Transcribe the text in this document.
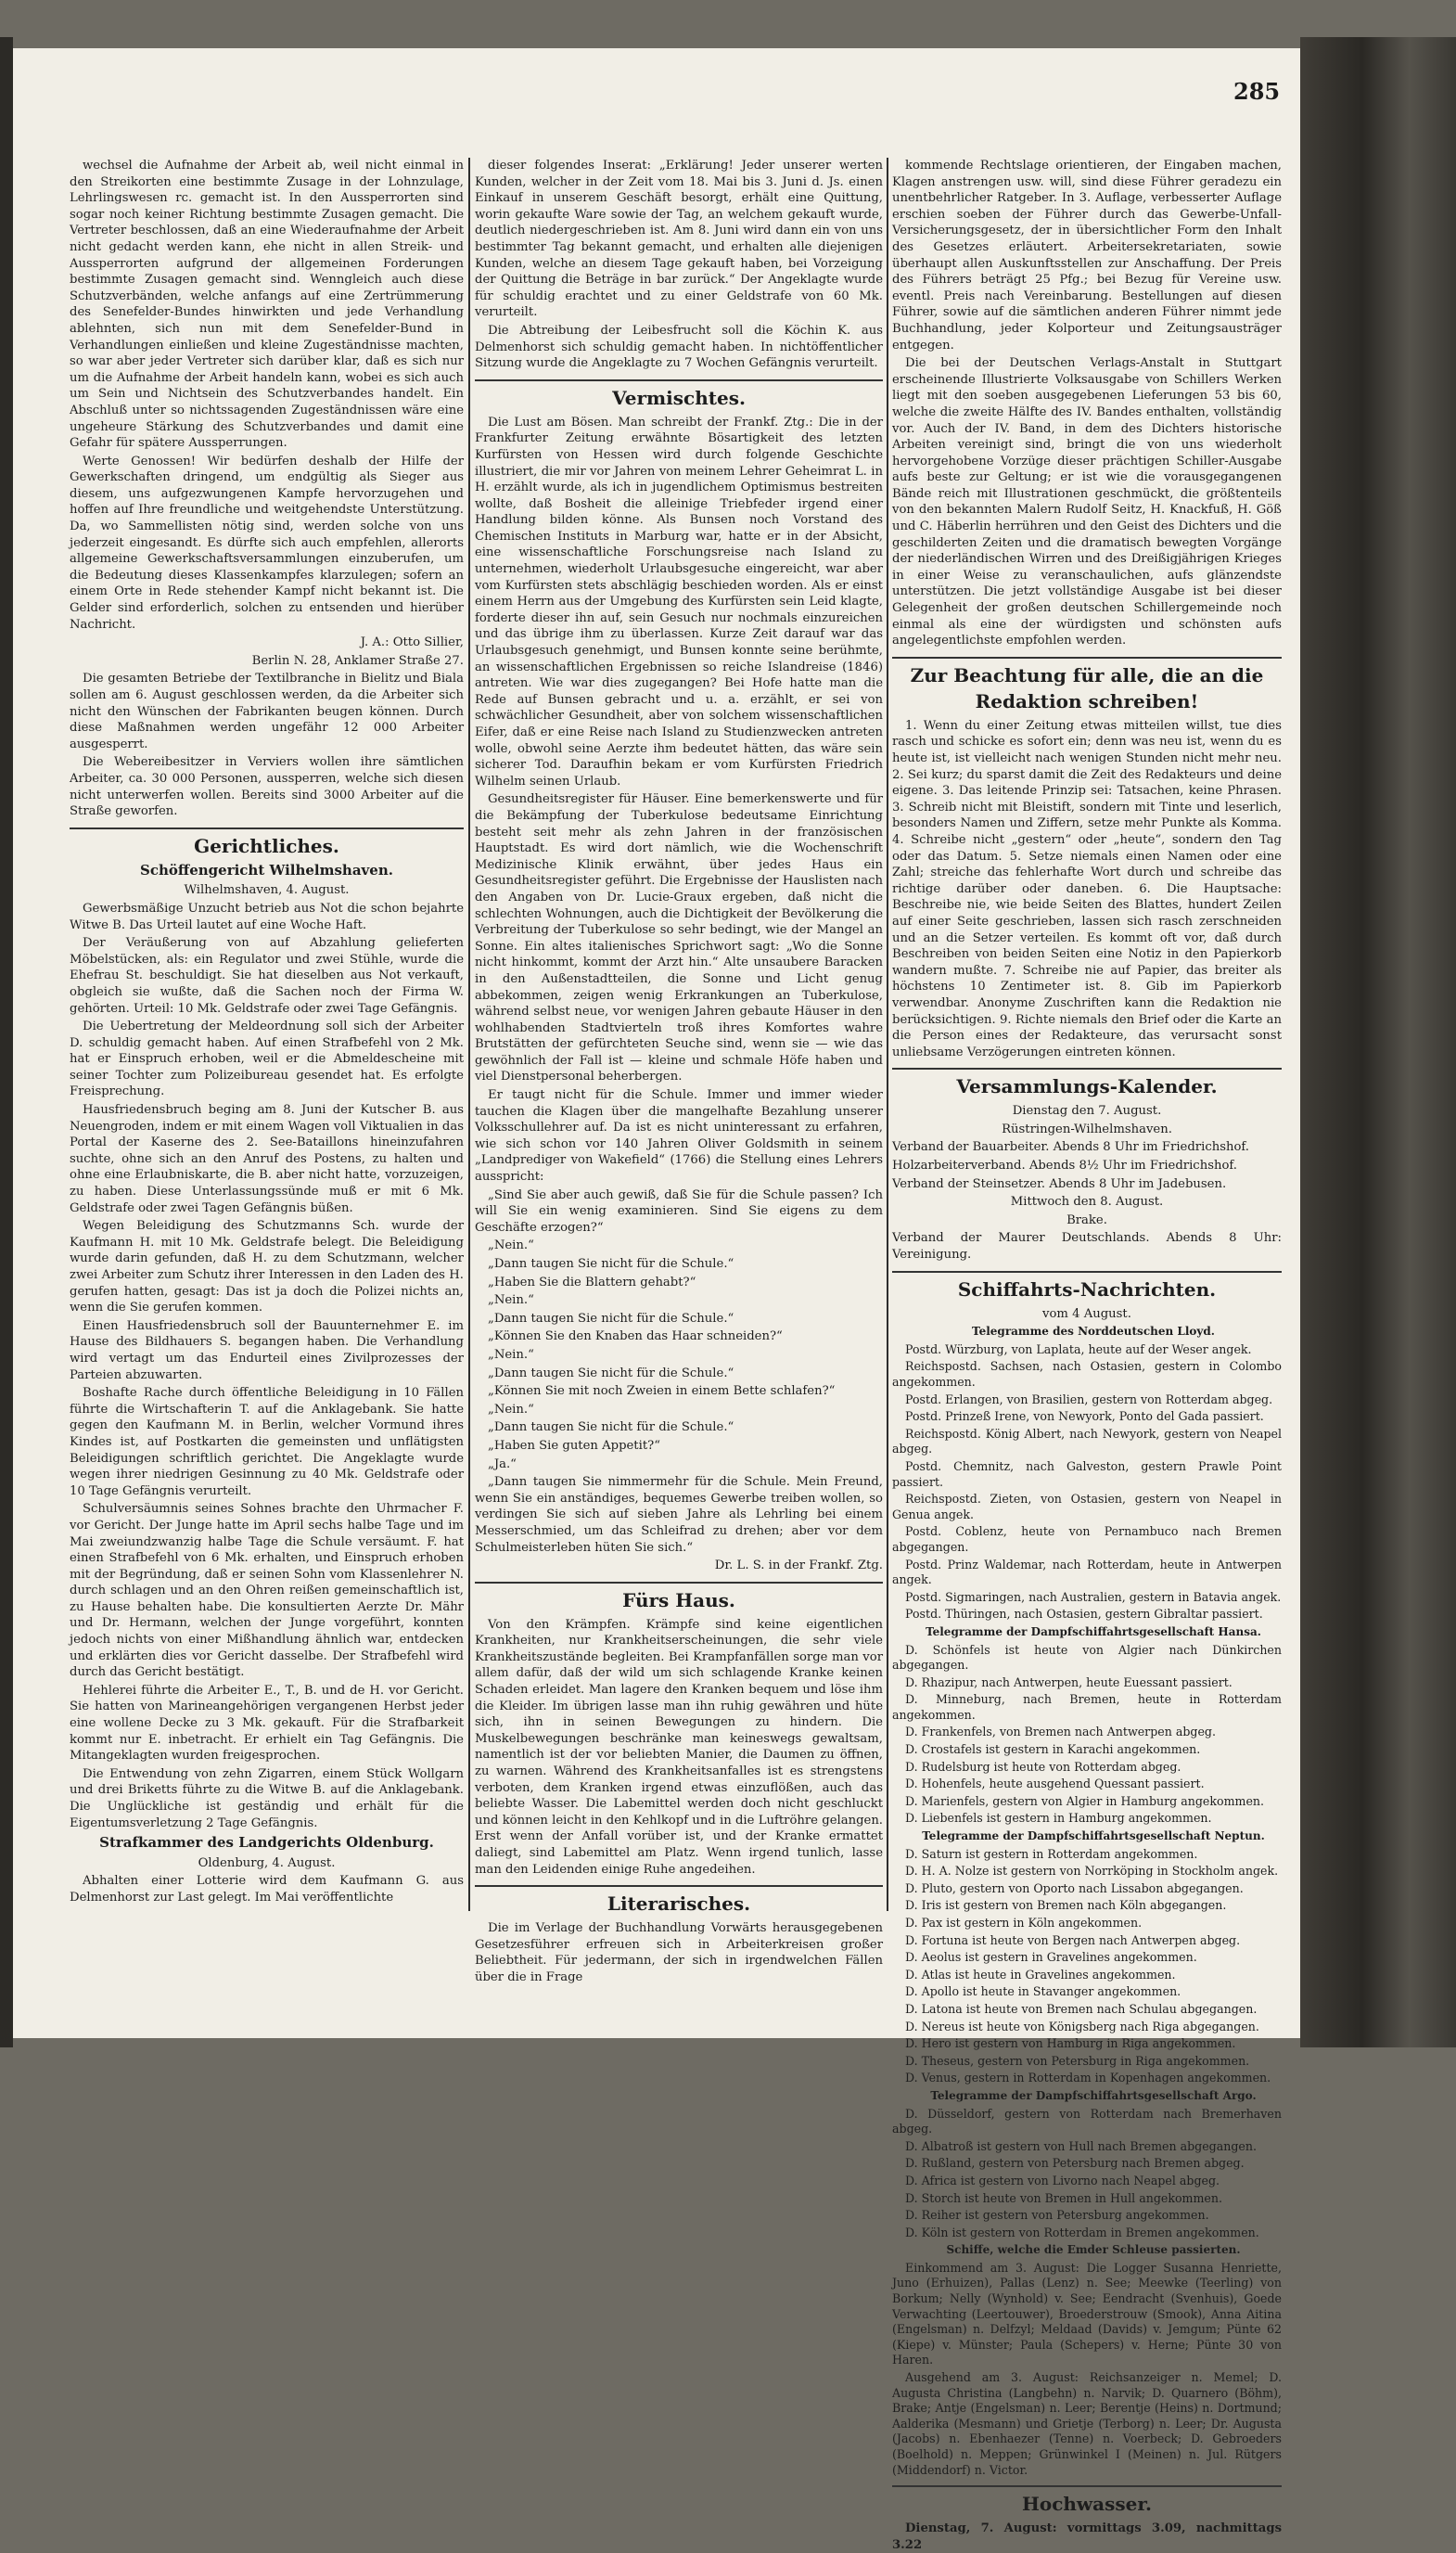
285

wechsel die Aufnahme der Arbeit ab, weil nicht einmal in den Streikorten eine bestimmte Zusage in der Lohnzulage, Lehrlingswesen rc. gemacht ist. In den Aussperrorten sind sogar noch keiner Richtung bestimmte Zusagen gemacht. Die Vertreter beschlossen, daß an eine Wiederaufnahme der Arbeit nicht gedacht werden kann, ehe nicht in allen Streik- und Aussperrorten aufgrund der allgemeinen Forderungen bestimmte Zusagen gemacht sind. Wenngleich auch diese Schutzverbänden, welche anfangs auf eine Zertrümmerung des Senefelder-Bundes hinwirkten und jede Verhandlung ablehnten, sich nun mit dem Senefelder-Bund in Verhandlungen einließen und kleine Zugeständnisse machten, so war aber jeder Vertreter sich darüber klar, daß es sich nur um die Aufnahme der Arbeit handeln kann, wobei es sich auch um Sein und Nichtsein des Schutzverbandes handelt. Ein Abschluß unter so nichtssagenden Zugeständnissen wäre eine ungeheure Stärkung des Schutzverbandes und damit eine Gefahr für spätere Aussperrungen.

Werte Genossen! Wir bedürfen deshalb der Hilfe der Gewerkschaften dringend, um endgültig als Sieger aus diesem, uns aufgezwungenen Kampfe hervorzugehen und hoffen auf Ihre freundliche und weitgehendste Unterstützung. Da, wo Sammellisten nötig sind, werden solche von uns jederzeit eingesandt. Es dürfte sich auch empfehlen, allerorts allgemeine Gewerkschaftsversammlungen einzuberufen, um die Bedeutung dieses Klassenkampfes klarzulegen; sofern an einem Orte in Rede stehender Kampf nicht bekannt ist. Die Gelder sind erforderlich, solchen zu entsenden und hierüber Nachricht.

J. A.: Otto Sillier,

Berlin N. 28, Anklamer Straße 27.

Die gesamten Betriebe der Textilbranche in Bielitz und Biala sollen am 6. August geschlossen werden, da die Arbeiter sich nicht den Wünschen der Fabrikanten beugen können. Durch diese Maßnahmen werden ungefähr 12 000 Arbeiter ausgesperrt.

Die Webereibesitzer in Verviers wollen ihre sämtlichen Arbeiter, ca. 30 000 Personen, aussperren, welche sich diesen nicht unterwerfen wollen. Bereits sind 3000 Arbeiter auf die Straße geworfen.

Gerichtliches.
Schöffengericht Wilhelmshaven.

Wilhelmshaven, 4. August.

Gewerbsmäßige Unzucht betrieb aus Not die schon bejahrte Witwe B. Das Urteil lautet auf eine Woche Haft.

Der Veräußerung von auf Abzahlung gelieferten Möbelstücken, als: ein Regulator und zwei Stühle, wurde die Ehefrau St. beschuldigt. Sie hat dieselben aus Not verkauft, obgleich sie wußte, daß die Sachen noch der Firma W. gehörten. Urteil: 10 Mk. Geldstrafe oder zwei Tage Gefängnis.

Die Uebertretung der Meldeordnung soll sich der Arbeiter D. schuldig gemacht haben. Auf einen Strafbefehl von 2 Mk. hat er Einspruch erhoben, weil er die Abmeldescheine mit seiner Tochter zum Polizeibureau gesendet hat. Es erfolgte Freisprechung.

Hausfriedensbruch beging am 8. Juni der Kutscher B. aus Neuengroden, indem er mit einem Wagen voll Viktualien in das Portal der Kaserne des 2. See-Bataillons hineinzufahren suchte, ohne sich an den Anruf des Postens, zu halten und ohne eine Erlaubniskarte, die B. aber nicht hatte, vorzuzeigen, zu haben. Diese Unterlassungssünde muß er mit 6 Mk. Geldstrafe oder zwei Tagen Gefängnis büßen.

Wegen Beleidigung des Schutzmanns Sch. wurde der Kaufmann H. mit 10 Mk. Geldstrafe belegt. Die Beleidigung wurde darin gefunden, daß H. zu dem Schutzmann, welcher zwei Arbeiter zum Schutz ihrer Interessen in den Laden des H. gerufen hatten, gesagt: Das ist ja doch die Polizei nichts an, wenn die Sie gerufen kommen.

Einen Hausfriedensbruch soll der Bauunternehmer E. im Hause des Bildhauers S. begangen haben. Die Verhandlung wird vertagt um das Endurteil eines Zivilprozesses der Parteien abzuwarten.

Boshafte Rache durch öffentliche Beleidigung in 10 Fällen führte die Wirtschafterin T. auf die Anklagebank. Sie hatte gegen den Kaufmann M. in Berlin, welcher Vormund ihres Kindes ist, auf Postkarten die gemeinsten und unflätigsten Beleidigungen schriftlich gerichtet. Die Angeklagte wurde wegen ihrer niedrigen Gesinnung zu 40 Mk. Geldstrafe oder 10 Tage Gefängnis verurteilt.

Schulversäumnis seines Sohnes brachte den Uhrmacher F. vor Gericht. Der Junge hatte im April sechs halbe Tage und im Mai zweiundzwanzig halbe Tage die Schule versäumt. F. hat einen Strafbefehl von 6 Mk. erhalten, und Einspruch erhoben mit der Begründung, daß er seinen Sohn vom Klassenlehrer N. durch schlagen und an den Ohren reißen gemeinschaftlich ist, zu Hause behalten habe. Die konsultierten Aerzte Dr. Mähr und Dr. Hermann, welchen der Junge vorgeführt, konnten jedoch nichts von einer Mißhandlung ähnlich war, entdecken und erklärten dies vor Gericht dasselbe. Der Strafbefehl wird durch das Gericht bestätigt.

Hehlerei führte die Arbeiter E., T., B. und de H. vor Gericht. Sie hatten von Marineangehörigen vergangenen Herbst jeder eine wollene Decke zu 3 Mk. gekauft. Für die Strafbarkeit kommt nur E. inbetracht. Er erhielt ein Tag Gefängnis. Die Mitangeklagten wurden freigesprochen.

Die Entwendung von zehn Zigarren, einem Stück Wollgarn und drei Briketts führte zu die Witwe B. auf die Anklagebank. Die Unglückliche ist geständig und erhält für die Eigentumsverletzung 2 Tage Gefängnis.

Strafkammer des Landgerichts Oldenburg.

Oldenburg, 4. August.

Abhalten einer Lotterie wird dem Kaufmann G. aus Delmenhorst zur Last gelegt. Im Mai veröffentlichte

dieser folgendes Inserat: „Erklärung! Jeder unserer werten Kunden, welcher in der Zeit vom 18. Mai bis 3. Juni d. Js. einen Einkauf in unserem Geschäft besorgt, erhält eine Quittung, worin gekaufte Ware sowie der Tag, an welchem gekauft wurde, deutlich niedergeschrieben ist. Am 8. Juni wird dann ein von uns bestimmter Tag bekannt gemacht, und erhalten alle diejenigen Kunden, welche an diesem Tage gekauft haben, bei Vorzeigung der Quittung die Beträge in bar zurück.“ Der Angeklagte wurde für schuldig erachtet und zu einer Geldstrafe von 60 Mk. verurteilt.

Die Abtreibung der Leibesfrucht soll die Köchin K. aus Delmenhorst sich schuldig gemacht haben. In nichtöffentlicher Sitzung wurde die Angeklagte zu 7 Wochen Gefängnis verurteilt.

Vermischtes.

Die Lust am Bösen. Man schreibt der Frankf. Ztg.: Die in der Frankfurter Zeitung erwähnte Bösartigkeit des letzten Kurfürsten von Hessen wird durch folgende Geschichte illustriert, die mir vor Jahren von meinem Lehrer Geheimrat L. in H. erzählt wurde, als ich in jugendlichem Optimismus bestreiten wollte, daß Bosheit die alleinige Triebfeder irgend einer Handlung bilden könne. Als Bunsen noch Vorstand des Chemischen Instituts in Marburg war, hatte er in der Absicht, eine wissenschaftliche Forschungsreise nach Island zu unternehmen, wiederholt Urlaubsgesuche eingereicht, war aber vom Kurfürsten stets abschlägig beschieden worden. Als er einst einem Herrn aus der Umgebung des Kurfürsten sein Leid klagte, forderte dieser ihn auf, sein Gesuch nur nochmals einzureichen und das übrige ihm zu überlassen. Kurze Zeit darauf war das Urlaubsgesuch genehmigt, und Bunsen konnte seine berühmte, an wissenschaftlichen Ergebnissen so reiche Islandreise (1846) antreten. Wie war dies zugegangen? Bei Hofe hatte man die Rede auf Bunsen gebracht und u. a. erzählt, er sei von schwächlicher Gesundheit, aber von solchem wissenschaftlichen Eifer, daß er eine Reise nach Island zu Studienzwecken antreten wolle, obwohl seine Aerzte ihm bedeutet hätten, das wäre sein sicherer Tod. Daraufhin bekam er vom Kurfürsten Friedrich Wilhelm seinen Urlaub.

Gesundheitsregister für Häuser. Eine bemerkenswerte und für die Bekämpfung der Tuberkulose bedeutsame Einrichtung besteht seit mehr als zehn Jahren in der französischen Hauptstadt. Es wird dort nämlich, wie die Wochenschrift Medizinische Klinik erwähnt, über jedes Haus ein Gesundheitsregister geführt. Die Ergebnisse der Hauslisten nach den Angaben von Dr. Lucie-Graux ergeben, daß nicht die schlechten Wohnungen, auch die Dichtigkeit der Bevölkerung die Verbreitung der Tuberkulose so sehr bedingt, wie der Mangel an Sonne. Ein altes italienisches Sprichwort sagt: „Wo die Sonne nicht hinkommt, kommt der Arzt hin.“ Alte unsaubere Baracken in den Außenstadtteilen, die Sonne und Licht genug abbekommen, zeigen wenig Erkrankungen an Tuberkulose, während selbst neue, vor wenigen Jahren gebaute Häuser in den wohlhabenden Stadtvierteln troß ihres Komfortes wahre Brutstätten der gefürchteten Seuche sind, wenn sie — wie das gewöhnlich der Fall ist — kleine und schmale Höfe haben und viel Dienstpersonal beherbergen.

Er taugt nicht für die Schule. Immer und immer wieder tauchen die Klagen über die mangelhafte Bezahlung unserer Volksschullehrer auf. Da ist es nicht uninteressant zu erfahren, wie sich schon vor 140 Jahren Oliver Goldsmith in seinem „Landprediger von Wakefield“ (1766) die Stellung eines Lehrers ausspricht:

„Sind Sie aber auch gewiß, daß Sie für die Schule passen? Ich will Sie ein wenig examinieren. Sind Sie eigens zu dem Geschäfte erzogen?“

„Nein.“

„Dann taugen Sie nicht für die Schule.“

„Haben Sie die Blattern gehabt?“

„Nein.“

„Dann taugen Sie nicht für die Schule.“

„Können Sie den Knaben das Haar schneiden?“

„Nein.“

„Dann taugen Sie nicht für die Schule.“

„Können Sie mit noch Zweien in einem Bette schlafen?“

„Nein.“

„Dann taugen Sie nicht für die Schule.“

„Haben Sie guten Appetit?“

„Ja.“

„Dann taugen Sie nimmermehr für die Schule. Mein Freund, wenn Sie ein anständiges, bequemes Gewerbe treiben wollen, so verdingen Sie sich auf sieben Jahre als Lehrling bei einem Messerschmied, um das Schleifrad zu drehen; aber vor dem Schulmeisterleben hüten Sie sich.“

Dr. L. S. in der Frankf. Ztg.

Fürs Haus.

Von den Krämpfen. Krämpfe sind keine eigentlichen Krankheiten, nur Krankheitserscheinungen, die sehr viele Krankheitszustände begleiten. Bei Krampfanfällen sorge man vor allem dafür, daß der wild um sich schlagende Kranke keinen Schaden erleidet. Man lagere den Kranken bequem und löse ihm die Kleider. Im übrigen lasse man ihn ruhig gewähren und hüte sich, ihn in seinen Bewegungen zu hindern. Die Muskelbewegungen beschränke man keineswegs gewaltsam, namentlich ist der vor beliebten Manier, die Daumen zu öffnen, zu warnen. Während des Krankheitsanfalles ist es strengstens verboten, dem Kranken irgend etwas einzuflößen, auch das beliebte Wasser. Die Labemittel werden doch nicht geschluckt und können leicht in den Kehlkopf und in die Luftröhre gelangen. Erst wenn der Anfall vorüber ist, und der Kranke ermattet daliegt, sind Labemittel am Platz. Wenn irgend tunlich, lasse man den Leidenden einige Ruhe angedeihen.

Literarisches.

Die im Verlage der Buchhandlung Vorwärts herausgegebenen Gesetzesführer erfreuen sich in Arbeiterkreisen großer Beliebtheit. Für jedermann, der sich in irgendwelchen Fällen über die in Frage

kommende Rechtslage orientieren, der Eingaben machen, Klagen anstrengen usw. will, sind diese Führer geradezu ein unentbehrlicher Ratgeber. In 3. Auflage, verbesserter Auflage erschien soeben der Führer durch das Gewerbe-Unfall-Versicherungsgesetz, der in übersichtlicher Form den Inhalt des Gesetzes erläutert. Arbeitersekretariaten, sowie überhaupt allen Auskunftsstellen zur Anschaffung. Der Preis des Führers beträgt 25 Pfg.; bei Bezug für Vereine usw. eventl. Preis nach Vereinbarung. Bestellungen auf diesen Führer, sowie auf die sämtlichen anderen Führer nimmt jede Buchhandlung, jeder Kolporteur und Zeitungsausträger entgegen.

Die bei der Deutschen Verlags-Anstalt in Stuttgart erscheinende Illustrierte Volksausgabe von Schillers Werken liegt mit den soeben ausgegebenen Lieferungen 53 bis 60, welche die zweite Hälfte des IV. Bandes enthalten, vollständig vor. Auch der IV. Band, in dem des Dichters historische Arbeiten vereinigt sind, bringt die von uns wiederholt hervorgehobene Vorzüge dieser prächtigen Schiller-Ausgabe aufs beste zur Geltung; er ist wie die vorausgegangenen Bände reich mit Illustrationen geschmückt, die größtenteils von den bekannten Malern Rudolf Seitz, H. Knackfuß, H. Göß und C. Häberlin herrühren und den Geist des Dichters und die geschilderten Zeiten und die dramatisch bewegten Vorgänge der niederländischen Wirren und des Dreißigjährigen Krieges in einer Weise zu veranschaulichen, aufs glänzendste unterstützen. Die jetzt vollständige Ausgabe ist bei dieser Gelegenheit der großen deutschen Schillergemeinde noch einmal als eine der würdigsten und schönsten aufs angelegentlichste empfohlen werden.

Zur Beachtung für alle, die an die Redaktion schreiben!

1. Wenn du einer Zeitung etwas mitteilen willst, tue dies rasch und schicke es sofort ein; denn was neu ist, wenn du es heute ist, ist vielleicht nach wenigen Stunden nicht mehr neu. 2. Sei kurz; du sparst damit die Zeit des Redakteurs und deine eigene. 3. Das leitende Prinzip sei: Tatsachen, keine Phrasen. 3. Schreib nicht mit Bleistift, sondern mit Tinte und leserlich, besonders Namen und Ziffern, setze mehr Punkte als Komma. 4. Schreibe nicht „gestern“ oder „heute“, sondern den Tag oder das Datum. 5. Setze niemals einen Namen oder eine Zahl; streiche das fehlerhafte Wort durch und schreibe das richtige darüber oder daneben. 6. Die Hauptsache: Beschreibe nie, wie beide Seiten des Blattes, hundert Zeilen auf einer Seite geschrieben, lassen sich rasch zerschneiden und an die Setzer verteilen. Es kommt oft vor, daß durch Beschreiben von beiden Seiten eine Notiz in den Papierkorb wandern mußte. 7. Schreibe nie auf Papier, das breiter als höchstens 10 Zentimeter ist. 8. Gib im Papierkorb verwendbar. Anonyme Zuschriften kann die Redaktion nie berücksichtigen. 9. Richte niemals den Brief oder die Karte an die Person eines der Redakteure, das verursacht sonst unliebsame Verzögerungen eintreten können.

Versammlungs-Kalender.

Dienstag den 7. August.

Rüstringen-Wilhelmshaven.

Verband der Bauarbeiter. Abends 8 Uhr im Friedrichshof.

Holzarbeiterverband. Abends 8½ Uhr im Friedrichshof.

Verband der Steinsetzer. Abends 8 Uhr im Jadebusen.

Mittwoch den 8. August.

Brake.

Verband der Maurer Deutschlands. Abends 8 Uhr: Vereinigung.

Schiffahrts-Nachrichten.

vom 4 August.

Telegramme des Norddeutschen Lloyd.

Postd. Würzburg, von Laplata, heute auf der Weser angek.

Reichspostd. Sachsen, nach Ostasien, gestern in Colombo angekommen.

Postd. Erlangen, von Brasilien, gestern von Rotterdam abgeg.

Postd. Prinzeß Irene, von Newyork, Ponto del Gada passiert.

Reichspostd. König Albert, nach Newyork, gestern von Neapel abgeg.

Postd. Chemnitz, nach Galveston, gestern Prawle Point passiert.

Reichspostd. Zieten, von Ostasien, gestern von Neapel in Genua angek.

Postd. Coblenz, heute von Pernambuco nach Bremen abgegangen.

Postd. Prinz Waldemar, nach Rotterdam, heute in Antwerpen angek.

Postd. Sigmaringen, nach Australien, gestern in Batavia angek.

Postd. Thüringen, nach Ostasien, gestern Gibraltar passiert.

Telegramme der Dampfschiffahrtsgesellschaft Hansa.

D. Schönfels ist heute von Algier nach Dünkirchen abgegangen.

D. Rhazipur, nach Antwerpen, heute Euessant passiert.

D. Minneburg, nach Bremen, heute in Rotterdam angekommen.

D. Frankenfels, von Bremen nach Antwerpen abgeg.

D. Crostafels ist gestern in Karachi angekommen.

D. Rudelsburg ist heute von Rotterdam abgeg.

D. Hohenfels, heute ausgehend Quessant passiert.

D. Marienfels, gestern von Algier in Hamburg angekommen.

D. Liebenfels ist gestern in Hamburg angekommen.

Telegramme der Dampfschiffahrtsgesellschaft Neptun.

D. Saturn ist gestern in Rotterdam angekommen.

D. H. A. Nolze ist gestern von Norrköping in Stockholm angek.

D. Pluto, gestern von Oporto nach Lissabon abgegangen.

D. Iris ist gestern von Bremen nach Köln abgegangen.

D. Pax ist gestern in Köln angekommen.

D. Fortuna ist heute von Bergen nach Antwerpen abgeg.

D. Aeolus ist gestern in Gravelines angekommen.

D. Atlas ist heute in Gravelines angekommen.

D. Apollo ist heute in Stavanger angekommen.

D. Latona ist heute von Bremen nach Schulau abgegangen.

D. Nereus ist heute von Königsberg nach Riga abgegangen.

D. Hero ist gestern von Hamburg in Riga angekommen.

D. Theseus, gestern von Petersburg in Riga angekommen.

D. Venus, gestern in Rotterdam in Kopenhagen angekommen.

Telegramme der Dampfschiffahrtsgesellschaft Argo.

D. Düsseldorf, gestern von Rotterdam nach Bremerhaven abgeg.

D. Albatroß ist gestern von Hull nach Bremen abgegangen.

D. Rußland, gestern von Petersburg nach Bremen abgeg.

D. Africa ist gestern von Livorno nach Neapel abgeg.

D. Storch ist heute von Bremen in Hull angekommen.

D. Reiher ist gestern von Petersburg angekommen.

D. Köln ist gestern von Rotterdam in Bremen angekommen.

Schiffe, welche die Emder Schleuse passierten.

Einkommend am 3. August: Die Logger Susanna Henriette, Juno (Erhuizen), Pallas (Lenz) n. See; Meewke (Teerling) von Borkum; Nelly (Wynhold) v. See; Eendracht (Svenhuis), Goede Verwachting (Leertouwer), Broederstrouw (Smook), Anna Aitina (Engelsman) n. Delfzyl; Meldaad (Davids) v. Jemgum; Pünte 62 (Kiepe) v. Münster; Paula (Schepers) v. Herne; Pünte 30 von Haren.

Ausgehend am 3. August: Reichsanzeiger n. Memel; D. Augusta Christina (Langbehn) n. Narvik; D. Quarnero (Böhm), Brake; Antje (Engelsman) n. Leer; Berentje (Heins) n. Dortmund; Aalderika (Mesmann) und Grietje (Terborg) n. Leer; Dr. Augusta (Jacobs) n. Ebenhaezer (Tenne) n. Voerbeck; D. Gebroeders (Boelhold) n. Meppen; Grünwinkel I (Meinen) n. Jul. Rütgers (Middendorf) n. Victor.

Hochwasser.

Dienstag, 7. August: vormittags 3.09, nachmittags 3.22
